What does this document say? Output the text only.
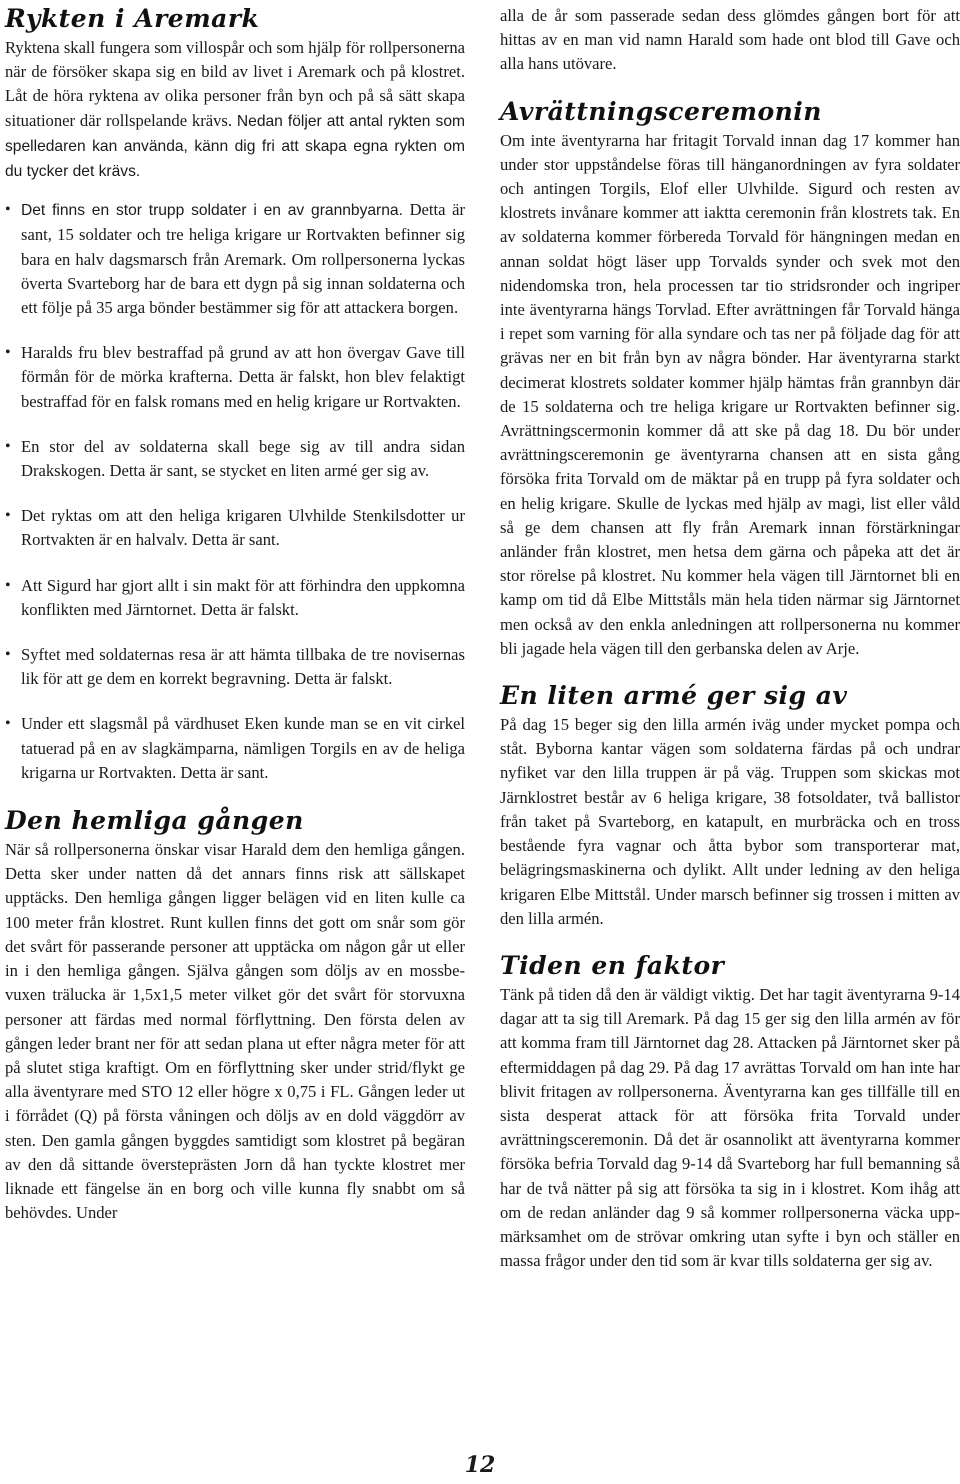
Rykten i Aremark

Ryktena skall fungera som villospår och som hjälp för rollpersonerna när de försöker skapa sig en bild av livet i Aremark och på klostret. Låt de höra ryktena av olika personer från byn och på så sätt skapa situationer där rollspelande krävs. Nedan följer att antal rykten som spelledaren kan använda, känn dig fri att skapa egna rykten om du tycker det krävs.

• Det finns en stor trupp soldater i en av grannbyarna. Detta är sant, 15 soldater och tre heliga krigare ur Rortvakten befinner sig bara en halv dagsmarsch från Aremark. Om rollpersonerna lyckas överta Svarteborg har de bara ett dygn på sig innan soldaterna och ett följe på 35 arga bönder bestämmer sig för att attackera borgen.

• Haralds fru blev bestraffad på grund av att hon övergav Gave till förmån för de mörka krafterna. Detta är falskt, hon blev felaktigt bestraffad för en falsk romans med en helig krigare ur Rortvakten.

• En stor del av soldaterna skall bege sig av till andra sidan Drakskogen. Detta är sant, se stycket en liten armé ger sig av.

• Det ryktas om att den heliga krigaren Ulvhilde Stenkilsdotter ur Rortvakten är en halvalv. Detta är sant.

• Att Sigurd har gjort allt i sin makt för att förhindra den uppkomna konflikten med Järntornet. Detta är falskt.

• Syftet med soldaternas resa är att hämta tillbaka de tre novisernas lik för att ge dem en korrekt begravning. Detta är falskt.

• Under ett slagsmål på värdhuset Eken kunde man se en vit cirkel tatuerad på en av slagkämparna, nämligen Torgils en av de heliga krigarna ur Rortvakten. Detta är sant.

Den hemliga gången

När så rollpersonerna önskar visar Harald dem den hemliga gången. Detta sker under natten då det annars finns risk att sällskapet upptäcks. Den hemliga gången ligger belägen vid en liten kulle ca 100 meter från klostret. Runt kullen finns det gott om snår som gör det svårt för passerande personer att upptäcka om någon går ut eller in i den hemliga gången. Själva gången som döljs av en mossbevuxen trälucka är 1,5x1,5 meter vilket gör det svårt för storvuxna personer att färdas med normal förflyttning. Den första delen av gången leder brant ner för att sedan plana ut efter några meter för att på slutet stiga kraftigt. Om en förflyttning sker under strid/flykt ge alla äventyrare med STO 12 eller högre x 0,75 i FL. Gången leder ut i förrådet (Q) på första våningen och döljs av en dold väggdörr av sten. Den gamla gången byggdes samtidigt som klostret på begäran av den då sittande översteprästen Jorn då han tyckte klostret mer liknade ett fängelse än en borg och ville kunna fly snabbt om så behövdes. Under

alla de år som passerade sedan dess glömdes gången bort för att hittas av en man vid namn Harald som hade ont blod till Gave och alla hans utövare.

Avrättningsceremonin

Om inte äventyrarna har fritagit Torvald innan dag 17 kommer han under stor uppståndelse föras till hänganordningen av fyra soldater och antingen Torgils, Elof eller Ulvhilde. Sigurd och resten av klostrets invånare kommer att iaktta ceremonin från klostrets tak. En av soldaterna kommer förbereda Torvald för hängningen medan en annan soldat högt läser upp Torvalds synder och svek mot den nidendomska tron, hela processen tar tio stridsronder och ingriper inte äventyrarna hängs Torvlad. Efter avrättningen får Torvald hänga i repet som varning för alla syndare och tas ner på följade dag för att grävas ner en bit från byn av några bönder. Har äventyrarna starkt decimerat klostrets soldater kommer hjälp hämtas från grannbyn där de 15 soldaterna och tre heliga krigare ur Rortvakten befinner sig. Avrättningscermonin kommer då att ske på dag 18. Du bör under avrättningsceremonin ge äventyrarna chansen att en sista gång försöka frita Torvald om de mäktar på en trupp på fyra soldater och en helig krigare. Skulle de lyckas med hjälp av magi, list eller våld så ge dem chansen att fly från Aremark innan förstärkningar anländer från klostret, men hetsa dem gärna och påpeka att det är stor rörelse på klostret. Nu kommer hela vägen till Järntornet bli en kamp om tid då Elbe Mittståls män hela tiden närmar sig Järntornet men också av den enkla anledningen att rollpersonerna nu kommer bli jagade hela vägen till den gerbanska delen av Arje.

En liten armé ger sig av

På dag 15 beger sig den lilla armén iväg under mycket pompa och ståt. Byborna kantar vägen som soldaterna färdas på och undrar nyfiket var den lilla truppen är på väg. Truppen som skickas mot Järnklostret består av 6 heliga krigare, 38 fotsoldater, två ballistor från taket på Svarteborg, en katapult, en murbräcka och en tross bestående fyra vagnar och åtta bybor som transporterar mat, belägringsmaskinerna och dylikt. Allt under ledning av den heliga krigaren Elbe Mittstål. Under marsch befinner sig trossen i mitten av den lilla armén.

Tiden en faktor

Tänk på tiden då den är väldigt viktig. Det har tagit äventyrarna 9-14 dagar att ta sig till Aremark. På dag 15 ger sig den lilla armén av för att komma fram till Järntornet dag 28. Attacken på Järntornet sker på eftermiddagen på dag 29. På dag 17 avrättas Torvald om han inte har blivit fritagen av rollpersonerna. Äventyrarna kan ges tillfälle till en sista desperat attack för att försöka frita Torvald under avrättningsceremonin. Då det är osannolikt att äventyrarna kommer försöka befria Torvald dag 9-14 då Svarteborg har full bemanning så har de två nätter på sig att försöka ta sig in i klostret. Kom ihåg att om de redan anländer dag 9 så kommer rollpersonerna väcka uppmärksamhet om de strövar omkring utan syfte i byn och ställer en massa frågor under den tid som är kvar tills soldaterna ger sig av.

12
